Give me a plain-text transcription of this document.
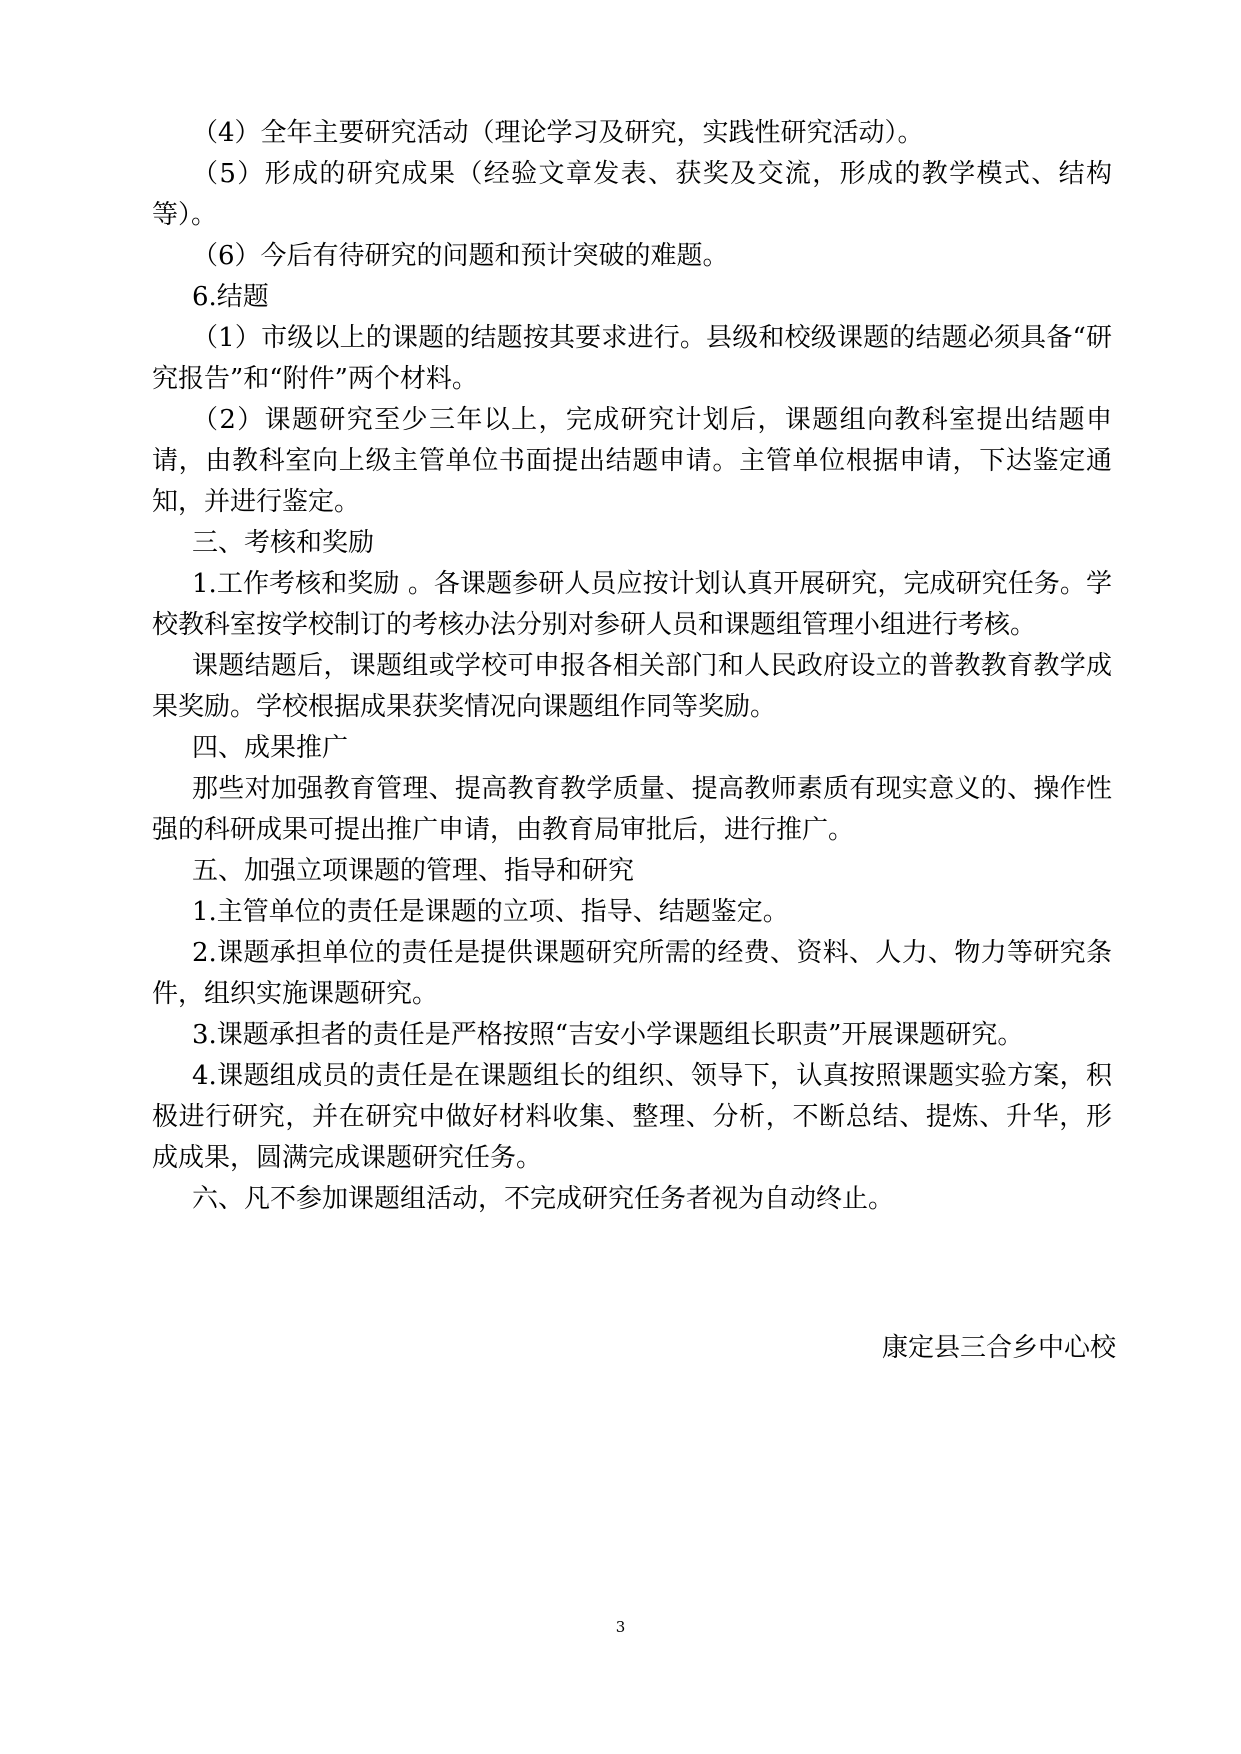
（4）全年主要研究活动（理论学习及研究，实践性研究活动）。

（5）形成的研究成果（经验文章发表、获奖及交流，形成的教学模式、结构等）。

（6）今后有待研究的问题和预计突破的难题。

6.结题

（1）市级以上的课题的结题按其要求进行。县级和校级课题的结题必须具备“研究报告”和“附件”两个材料。

（2）课题研究至少三年以上，完成研究计划后，课题组向教科室提出结题申请，由教科室向上级主管单位书面提出结题申请。主管单位根据申请，下达鉴定通知，并进行鉴定。

三、考核和奖励

1.工作考核和奖励 。各课题参研人员应按计划认真开展研究，完成研究任务。学校教科室按学校制订的考核办法分别对参研人员和课题组管理小组进行考核。

课题结题后，课题组或学校可申报各相关部门和人民政府设立的普教教育教学成果奖励。学校根据成果获奖情况向课题组作同等奖励。

四、成果推广

那些对加强教育管理、提高教育教学质量、提高教师素质有现实意义的、操作性强的科研成果可提出推广申请，由教育局审批后，进行推广。

五、加强立项课题的管理、指导和研究

1.主管单位的责任是课题的立项、指导、结题鉴定。

2.课题承担单位的责任是提供课题研究所需的经费、资料、人力、物力等研究条件，组织实施课题研究。

3.课题承担者的责任是严格按照“吉安小学课题组长职责”开展课题研究。

4.课题组成员的责任是在课题组长的组织、领导下，认真按照课题实验方案，积极进行研究，并在研究中做好材料收集、整理、分析，不断总结、提炼、升华，形成成果，圆满完成课题研究任务。

六、凡不参加课题组活动，不完成研究任务者视为自动终止。

康定县三合乡中心校

3
